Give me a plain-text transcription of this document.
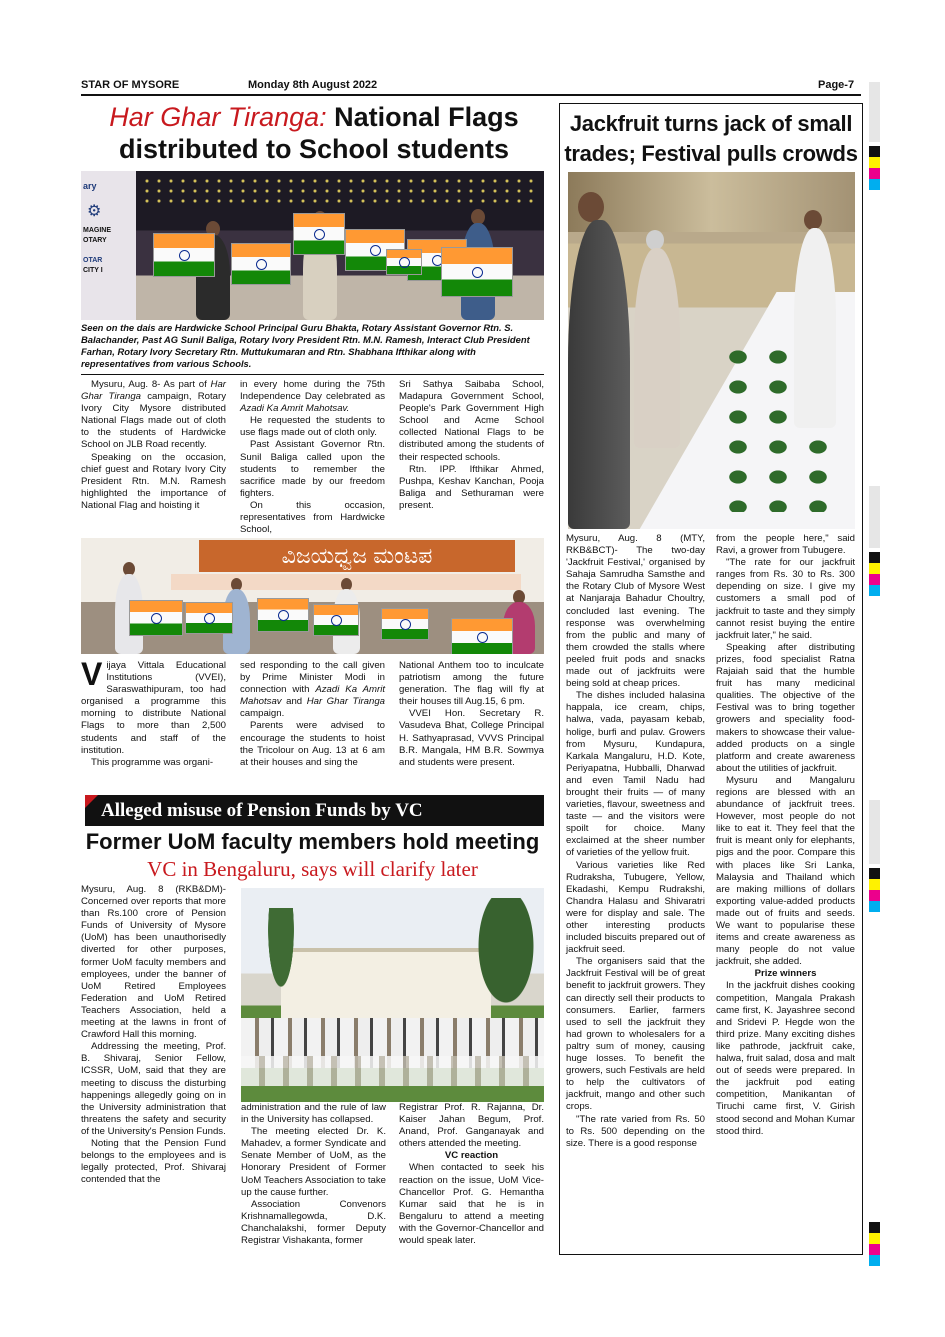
STAR OF MYSORE	Monday 8th August 2022	Page-7
Har Ghar Tiranga: National Flags
distributed to School students
ary
⚙
MAGINE
OTARY
OTAR
CITY I
Seen on the dais are Hardwicke School Principal Guru Bhakta, Rotary Assistant Governor Rtn. S. Balachander, Past AG Sunil Baliga, Rotary Ivory President Rtn. M.N. Ramesh, Interact Club President Farhan, Rotary Ivory Secretary Rtn. Muttukumaran and Rtn. Shabhana Ifthikar along with representatives from various Schools.

Mysuru, Aug. 8- As part of Har Ghar Tiranga campaign, Rotary Ivory City Mysore distributed National Flags made out of cloth to the students of Hardwicke School on JLB Road recently.

Speaking on the occasion, chief guest and Rotary Ivory City President Rtn. M.N. Ramesh highlighted the importance of National Flag and hoisting it

in every home during the 75th Independence Day celebrated as Azadi Ka Amrit Mahotsav.

He requested the students to use flags made out of cloth only.

Past Assistant Governor Rtn. Sunil Baliga called upon the students to remember the sacrifice made by our freedom fighters.

On this occasion, representatives from Hardwicke School,

Sri Sathya Saibaba School, Madapura Government School, People's Park Government High School and Acme School collected National Flags to be distributed among the students of their respected schools.

Rtn. IPP. Ifthikar Ahmed, Pushpa, Keshav Kanchan, Pooja Baliga and Sethuraman were present.

ವಿಜಯಧ್ವಜ ಮಂಟಪ

Vijaya Vittala Educational Institutions (VVEI), Saraswathipuram, too had organised a programme this morning to distribute National Flags to more than 2,500 students and staff of the institution.

This programme was organi-

sed responding to the call given by Prime Minister Modi in connection with Azadi Ka Amrit Mahotsav and Har Ghar Tiranga campaign.

Parents were advised to encourage the students to hoist the Tricolour on Aug. 13 at 6 am at their houses and sing the

National Anthem too to inculcate patriotism among the future generation. The flag will fly at their houses till Aug.15, 6 pm.

VVEI Hon. Secretary R. Vasudeva Bhat, College Principal H. Sathyaprasad, VVVS Principal B.R. Mangala, HM B.R. Sowmya and students were present.

Alleged misuse of Pension Funds by VC
Former UoM faculty members hold meeting
VC in Bengaluru, says will clarify later

Mysuru, Aug. 8 (RKB&DM)- Concerned over reports that more than Rs.100 crore of Pension Funds of University of Mysore (UoM) has been unauthorisedly diverted for other purposes, former UoM faculty members and employees, under the banner of UoM Retired Employees Federation and UoM Retired Teachers Association, held a meeting at the lawns in front of Crawford Hall this morning.

Addressing the meeting, Prof. B. Shivaraj, Senior Fellow, ICSSR, UoM, said that they are meeting to discuss the disturbing happenings allegedly going on in the University administration that threatens the safety and security of the University's Pension Funds.

Noting that the Pension Fund belongs to the employees and is legally protected, Prof. Shivaraj contended that the

administration and the rule of law in the University has collapsed.

The meeting elected Dr. K. Mahadev, a former Syndicate and Senate Member of UoM, as the Honorary President of Former UoM Teachers Association to take up the cause further.

Association Convenors Krishnamallegowda, D.K. Chanchalakshi, former Deputy Registrar Vishakanta, former

Registrar Prof. R. Rajanna, Dr. Kaiser Jahan Begum, Prof. Anand, Prof. Ganganayak and others attended the meeting.

VC reaction

When contacted to seek his reaction on the issue, UoM Vice-Chancellor Prof. G. Hemantha Kumar said that he is in Bengaluru to attend a meeting with the Governor-Chancellor and would speak later.

Jackfruit turns jack of small
trades; Festival pulls crowds

Mysuru, Aug. 8 (MTY, RKB&BCT)- The two-day 'Jackfruit Festival,' organised by Sahaja Samrudha Samsthe and the Rotary Club of Mysore West at Nanjaraja Bahadur Choultry, concluded last evening. The response was overwhelming from the public and many of them crowded the stalls where peeled fruit pods and snacks made out of jackfruits were being sold at cheap prices.

The dishes included halasina happala, ice cream, chips, halwa, vada, payasam kebab, holige, burfi and pulav. Growers from Mysuru, Kundapura, Karkala Mangaluru, H.D. Kote, Periyapatna, Hubballi, Dharwad and even Tamil Nadu had brought their fruits — of many varieties, flavour, sweetness and taste — and the visitors were spoilt for choice. Many exclaimed at the sheer number of varieties of the yellow fruit.

Various varieties like Red Rudraksha, Tubugere, Yellow, Ekadashi, Kempu Rudrakshi, Chandra Halasu and Shivaratri were for display and sale. The other interesting products included biscuits prepared out of jackfruit seed.

The organisers said that the Jackfruit Festival will be of great benefit to jackfruit growers. They can directly sell their products to consumers. Earlier, farmers used to sell the jackfruit they had grown to wholesalers for a paltry sum of money, causing huge losses. To benefit the growers, such Festivals are held to help the cultivators of jackfruit, mango and other such crops.

"The rate varied from Rs. 50 to Rs. 500 depending on the size. There is a good response

from the people here," said Ravi, a grower from Tubugere.

"The rate for our jackfruit ranges from Rs. 30 to Rs. 300 depending on size. I give my customers a small pod of jackfruit to taste and they simply cannot resist buying the entire jackfruit later," he said.

Speaking after distributing prizes, food specialist Ratna Rajaiah said that the humble fruit has many medicinal qualities. The objective of the Festival was to bring together growers and speciality food-makers to showcase their value-added products on a single platform and create awareness about the utilities of jackfruit.

Mysuru and Mangaluru regions are blessed with an abundance of jackfruit trees. However, most people do not like to eat it. They feel that the fruit is meant only for elephants, pigs and the poor. Compare this with places like Sri Lanka, Malaysia and Thailand which are making millions of dollars exporting value-added products made out of fruits and seeds. We want to popularise these items and create awareness as many people do not value jackfruit, she added.

Prize winners

In the jackfruit dishes cooking competition, Mangala Prakash came first, K. Jayashree second and Sridevi P. Hegde won the third prize. Many exciting dishes like pathrode, jackfruit cake, halwa, fruit salad, dosa and malt out of seeds were prepared. In the jackfruit pod eating competition, Manikantan of Tiruchi came first, V. Girish stood second and Mohan Kumar stood third.
